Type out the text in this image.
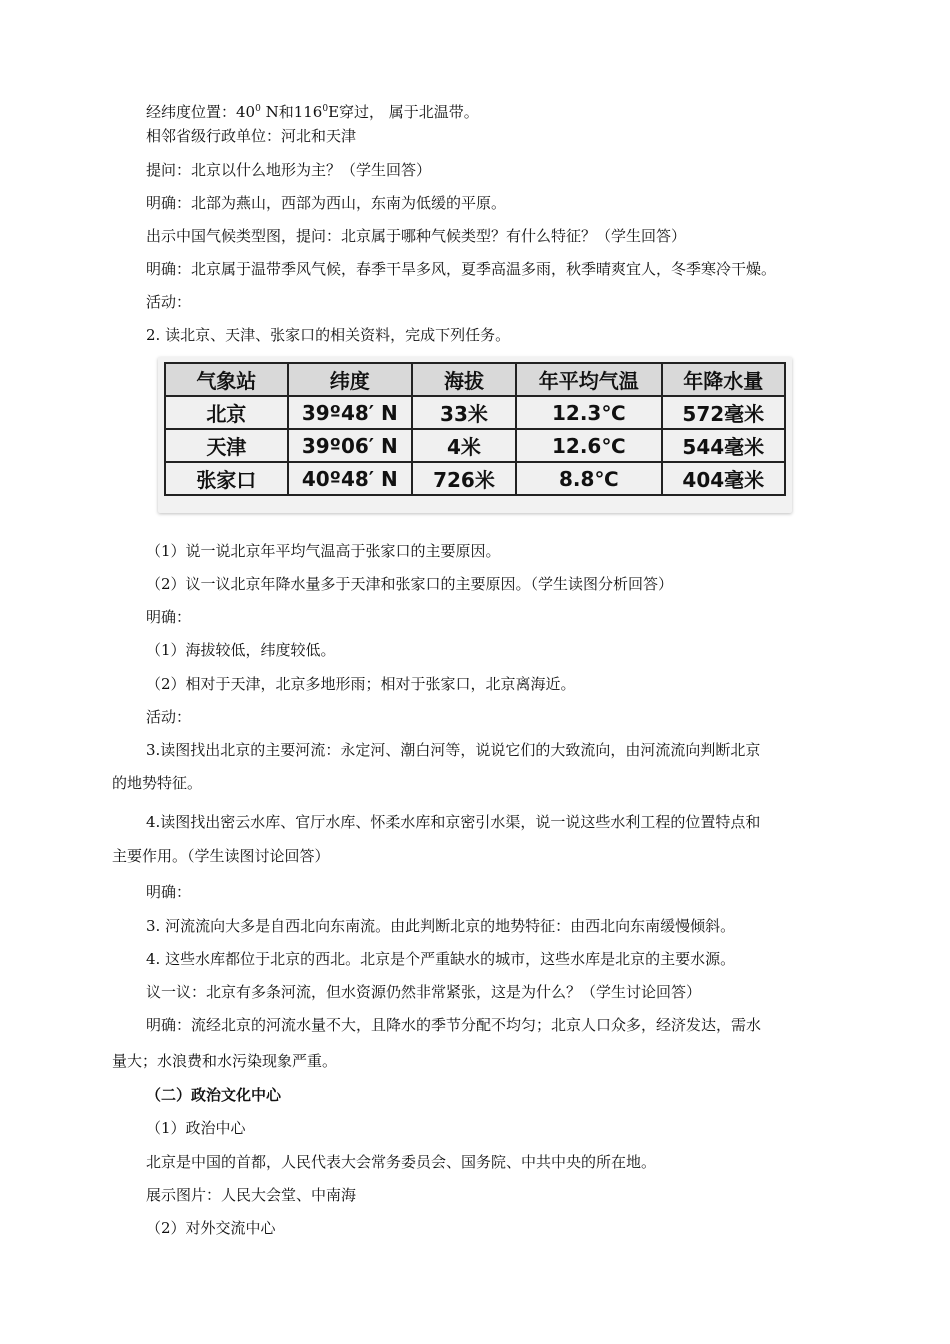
经纬度位置：$40^0$ N和$116^0E$穿过， 属于北温带。
相邻省级行政单位：河北和天津
提问：北京以什么地形为主？（学生回答）
明确：北部为燕山，西部为西山，东南为低缓的平原。
出示中国气候类型图，提问：北京属于哪种气候类型？有什么特征？（学生回答）
明确：北京属于温带季风气候，春季干旱多风，夏季高温多雨，秋季晴爽宜人，冬季寒冷干燥。
活动：
2. 读北京、天津、张家口的相关资料，完成下列任务。
气象站	纬度	海拔	年平均气温	年降水量
北京	39º48′ N	33米	12.3℃	572毫米
天津	39º06′ N	4米	12.6℃	544毫米
张家口	40º48′ N	726米	8.8℃	404毫米
（1）说一说北京年平均气温高于张家口的主要原因。
（2）议一议北京年降水量多于天津和张家口的主要原因。（学生读图分析回答）
明确：
（1）海拔较低，纬度较低。
（2）相对于天津，北京多地形雨；相对于张家口，北京离海近。
活动：
3.读图找出北京的主要河流：永定河、潮白河等，说说它们的大致流向，由河流流向判断北京
的地势特征。
4.读图找出密云水库、官厅水库、怀柔水库和京密引水渠，说一说这些水利工程的位置特点和
主要作用。（学生读图讨论回答）
明确：
3. 河流流向大多是自西北向东南流。由此判断北京的地势特征：由西北向东南缓慢倾斜。
4. 这些水库都位于北京的西北。北京是个严重缺水的城市，这些水库是北京的主要水源。
议一议：北京有多条河流，但水资源仍然非常紧张，这是为什么？（学生讨论回答）
明确：流经北京的河流水量不大，且降水的季节分配不均匀；北京人口众多，经济发达，需水
量大；水浪费和水污染现象严重。
（二）政治文化中心
（1）政治中心
北京是中国的首都，人民代表大会常务委员会、国务院、中共中央的所在地。
展示图片：人民大会堂、中南海
（2）对外交流中心
